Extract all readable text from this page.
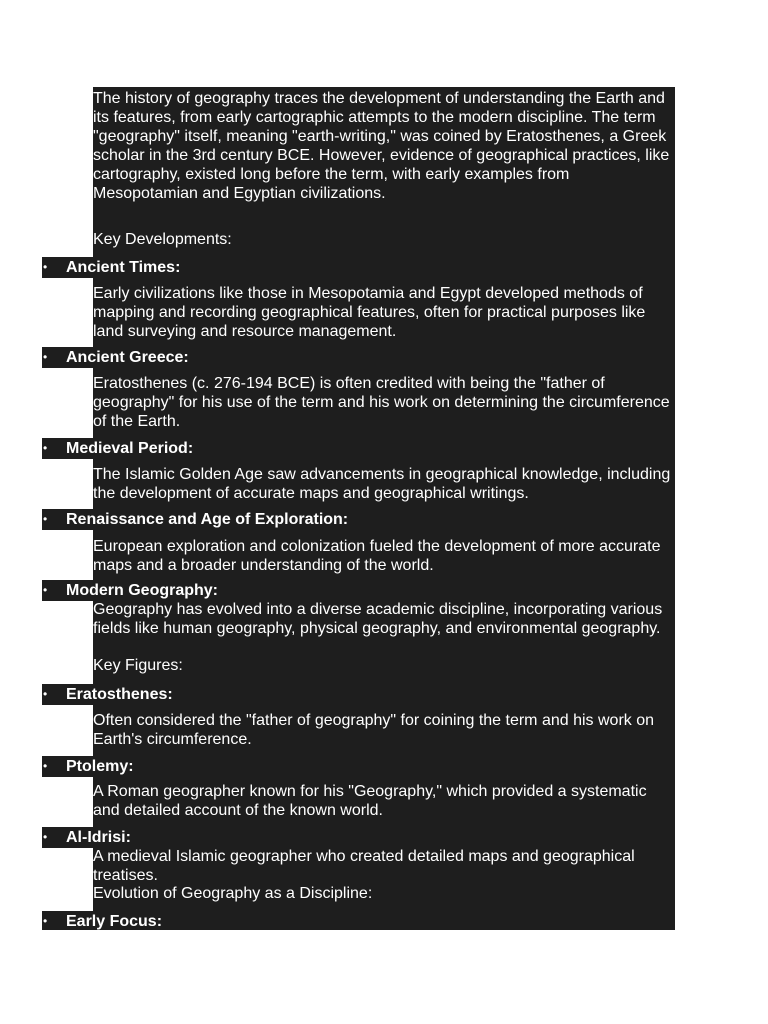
The history of geography traces the development of understanding the Earth and its features, from early cartographic attempts to the modern discipline. The term "geography" itself, meaning "earth-writing," was coined by Eratosthenes, a Greek scholar in the 3rd century BCE. However, evidence of geographical practices, like cartography, existed long before the term, with early examples from Mesopotamian and Egyptian civilizations.

Key Developments:

• Ancient Times:

Early civilizations like those in Mesopotamia and Egypt developed methods of mapping and recording geographical features, often for practical purposes like land surveying and resource management.

• Ancient Greece:

Eratosthenes (c. 276-194 BCE) is often credited with being the "father of geography" for his use of the term and his work on determining the circumference of the Earth.

• Medieval Period:

The Islamic Golden Age saw advancements in geographical knowledge, including the development of accurate maps and geographical writings.

• Renaissance and Age of Exploration:

European exploration and colonization fueled the development of more accurate maps and a broader understanding of the world.

• Modern Geography:

Geography has evolved into a diverse academic discipline, incorporating various fields like human geography, physical geography, and environmental geography.

Key Figures:

• Eratosthenes:

Often considered the "father of geography" for coining the term and his work on Earth's circumference.

• Ptolemy:

A Roman geographer known for his "Geography," which provided a systematic and detailed account of the known world.

• Al-Idrisi:

A medieval Islamic geographer who created detailed maps and geographical treatises.

Evolution of Geography as a Discipline:

• Early Focus:
